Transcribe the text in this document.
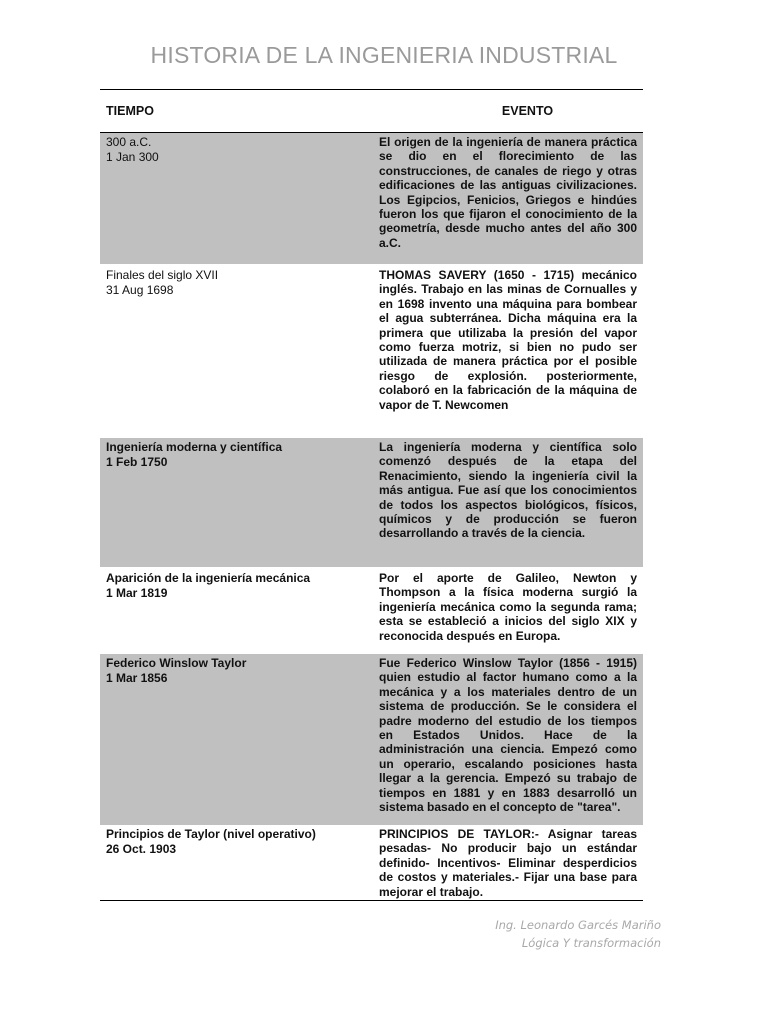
HISTORIA DE LA INGENIERIA INDUSTRIAL
TIEMPO	EVENTO
300 a.C.
1 Jan 300
El origen de la ingeniería de manera práctica se dio en el florecimiento de las construcciones, de canales de riego y otras edificaciones de las antiguas civilizaciones. Los Egipcios, Fenicios, Griegos e hindúes fueron los que fijaron el conocimiento de la geometría, desde mucho antes del año 300 a.C.
Finales del siglo XVII
31 Aug 1698
THOMAS SAVERY (1650 - 1715) mecánico inglés. Trabajo en las minas de Cornualles y en 1698 invento una máquina para bombear el agua subterránea. Dicha máquina era la primera que utilizaba la presión del vapor como fuerza motriz, si bien no pudo ser utilizada de manera práctica por el posible riesgo de explosión. posteriormente, colaboró en la fabricación de la máquina de vapor de T. Newcomen
Ingeniería moderna y científica
1 Feb 1750
La ingeniería moderna y científica solo comenzó después de la etapa del Renacimiento, siendo la ingeniería civil la más antigua. Fue así que los conocimientos de todos los aspectos biológicos, físicos, químicos y de producción se fueron desarrollando a través de la ciencia.
Aparición de la ingeniería mecánica
1 Mar 1819
Por el aporte de Galileo, Newton y Thompson a la física moderna surgió la ingeniería mecánica como la segunda rama; esta se estableció a inicios del siglo XIX y reconocida después en Europa.
Federico Winslow Taylor
1 Mar 1856
Fue Federico Winslow Taylor (1856 - 1915) quien estudio al factor humano como a la mecánica y a los materiales dentro de un sistema de producción. Se le considera el padre moderno del estudio de los tiempos en Estados Unidos. Hace de la administración una ciencia. Empezó como un operario, escalando posiciones hasta llegar a la gerencia. Empezó su trabajo de tiempos en 1881 y en 1883 desarrolló un sistema basado en el concepto de "tarea".
Principios de Taylor (nivel operativo)
26 Oct. 1903
PRINCIPIOS DE TAYLOR:- Asignar tareas pesadas- No producir bajo un estándar definido- Incentivos- Eliminar desperdicios de costos y materiales.- Fijar una base para mejorar el trabajo.
Ing. Leonardo Garcés Mariño
Lógica Y transformación
